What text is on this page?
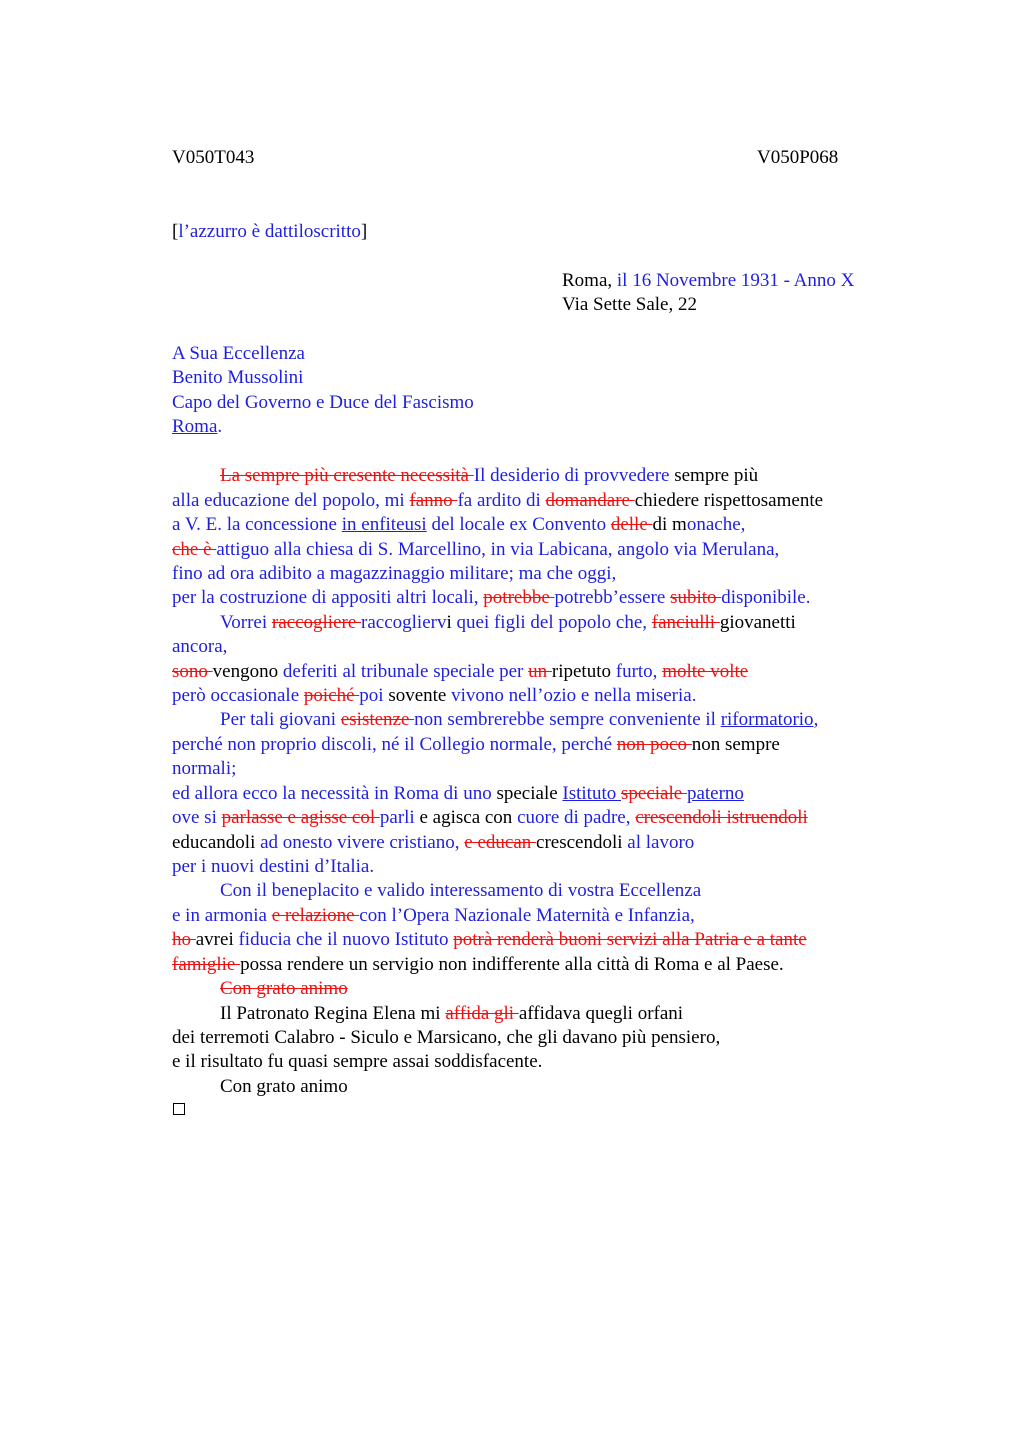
V050T043	V050P068
[l’azzurro è dattiloscritto]
Roma, il 16 Novembre 1931 - Anno X
Via Sette Sale, 22
A Sua Eccellenza
Benito Mussolini
Capo del Governo e Duce del Fascismo
Roma.
La sempre più cresente necessità Il desiderio di provvedere sempre più
alla educazione del popolo, mi fanno fa ardito di domandare chiedere rispettosamente
a V. E. la concessione in enfiteusi del locale ex Convento delle di monache,
che è attiguo alla chiesa di S. Marcellino, in via Labicana, angolo via Merulana,
fino ad ora adibito a magazzinaggio militare; ma che oggi,
per la costruzione di appositi altri locali, potrebbe potrebb’essere subito disponibile.
Vorrei raccogliere raccogliervi quei figli del popolo che, fanciulli giovanetti
ancora,
sono vengono deferiti al tribunale speciale per un ripetuto furto, molte volte
però occasionale poiché poi sovente vivono nell’ozio e nella miseria.
Per tali giovani esistenze non sembrerebbe sempre conveniente il riformatorio,
perché non proprio discoli, né il Collegio normale, perché non poco non sempre
normali;
ed allora ecco la necessità in Roma di uno speciale Istituto speciale paterno
ove si parlasse e agisse col parli e agisca con cuore di padre, crescendoli istruendoli
educandoli ad onesto vivere cristiano, e educan crescendoli al lavoro
per i nuovi destini d’Italia.
Con il beneplacito e valido interessamento di vostra Eccellenza
e in armonia e relazione con l’Opera Nazionale Maternità e Infanzia,
ho avrei fiducia che il nuovo Istituto potrà renderà buoni servizi alla Patria e a tante
famiglie possa rendere un servigio non indifferente alla città di Roma e al Paese.
Con grato animo
Il Patronato Regina Elena mi affida gli affidava quegli orfani
dei terremoti Calabro - Siculo e Marsicano, che gli davano più pensiero,
e il risultato fu quasi sempre assai soddisfacente.
Con grato animo
